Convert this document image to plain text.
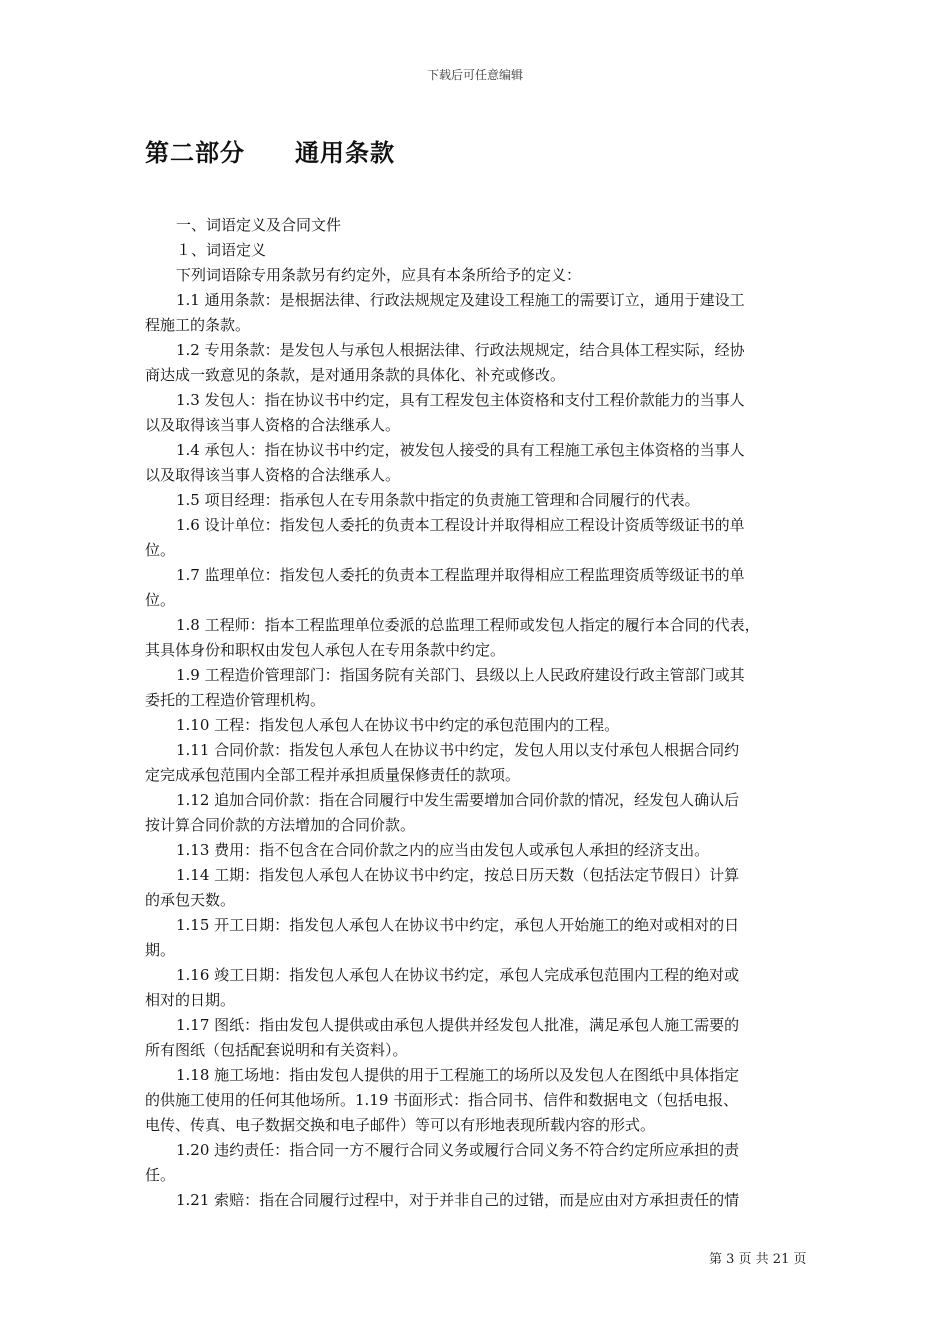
下载后可任意编辑
第二部分　　通用条款
一、词语定义及合同文件
１、词语定义
下列词语除专用条款另有约定外，应具有本条所给予的定义：
1.1 通用条款：是根据法律、行政法规规定及建设工程施工的需要订立，通用于建设工
程施工的条款。
1.2 专用条款：是发包人与承包人根据法律、行政法规规定，结合具体工程实际，经协
商达成一致意见的条款，是对通用条款的具体化、补充或修改。
1.3 发包人：指在协议书中约定，具有工程发包主体资格和支付工程价款能力的当事人
以及取得该当事人资格的合法继承人。
1.4 承包人：指在协议书中约定，被发包人接受的具有工程施工承包主体资格的当事人
以及取得该当事人资格的合法继承人。
1.5 项目经理：指承包人在专用条款中指定的负责施工管理和合同履行的代表。
1.6 设计单位：指发包人委托的负责本工程设计并取得相应工程设计资质等级证书的单
位。
1.7 监理单位：指发包人委托的负责本工程监理并取得相应工程监理资质等级证书的单
位。
1.8 工程师：指本工程监理单位委派的总监理工程师或发包人指定的履行本合同的代表，
其具体身份和职权由发包人承包人在专用条款中约定。
1.9 工程造价管理部门：指国务院有关部门、县级以上人民政府建设行政主管部门或其
委托的工程造价管理机构。
1.10 工程：指发包人承包人在协议书中约定的承包范围内的工程。
1.11 合同价款：指发包人承包人在协议书中约定，发包人用以支付承包人根据合同约
定完成承包范围内全部工程并承担质量保修责任的款项。
1.12 追加合同价款：指在合同履行中发生需要增加合同价款的情况，经发包人确认后
按计算合同价款的方法增加的合同价款。
1.13 费用：指不包含在合同价款之内的应当由发包人或承包人承担的经济支出。
1.14 工期：指发包人承包人在协议书中约定，按总日历天数（包括法定节假日）计算
的承包天数。
1.15 开工日期：指发包人承包人在协议书中约定，承包人开始施工的绝对或相对的日
期。
1.16 竣工日期：指发包人承包人在协议书约定，承包人完成承包范围内工程的绝对或
相对的日期。
1.17 图纸：指由发包人提供或由承包人提供并经发包人批准，满足承包人施工需要的
所有图纸（包括配套说明和有关资料）。
1.18 施工场地：指由发包人提供的用于工程施工的场所以及发包人在图纸中具体指定
的供施工使用的任何其他场所。1.19 书面形式：指合同书、信件和数据电文（包括电报、
电传、传真、电子数据交换和电子邮件）等可以有形地表现所载内容的形式。
1.20 违约责任：指合同一方不履行合同义务或履行合同义务不符合约定所应承担的责
任。
1.21 索赔：指在合同履行过程中，对于并非自己的过错，而是应由对方承担责任的情
第 3 页 共 21 页
